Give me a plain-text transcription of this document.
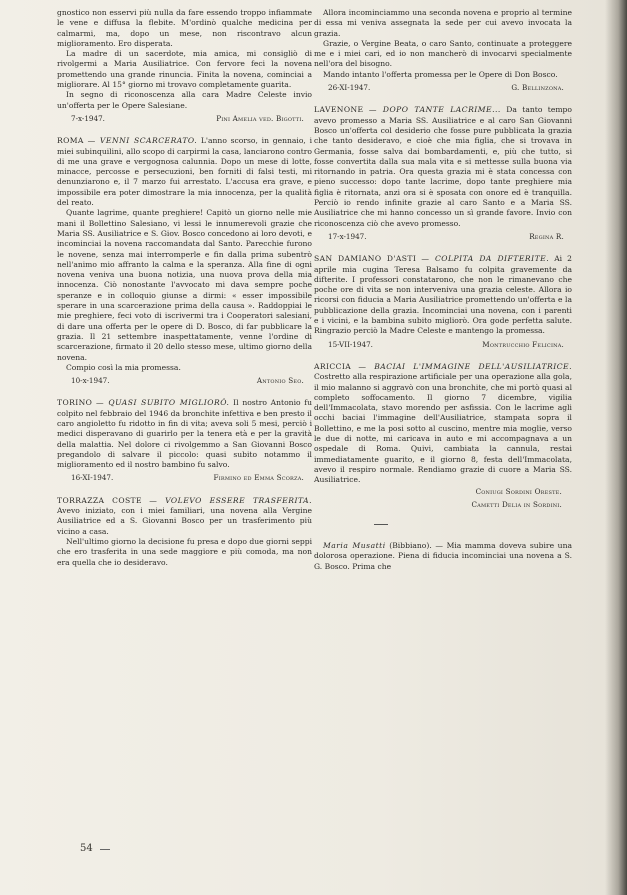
gnostico non esservi più nulla da fare essendo troppo infiammate le vene e diffusa la flebite. M'ordinò qualche medicina per calmarmi, ma, dopo un mese, non riscontravo alcun miglioramento. Ero disperata.

La madre di un sacerdote, mia amica, mi consigliò di rivolgermi a Maria Ausiliatrice. Con fervore feci la novena promettendo una grande rinuncia. Finita la novena, cominciai a migliorare. Al 15° giorno mi trovavo completamente guarita.

In segno di riconoscenza alla cara Madre Celeste invio un'offerta per le Opere Salesiane.

7-x-1947.	Pini Amelia ved. Bigotti.

ROMA — VENNI SCARCERATO. L'anno scorso, in gennaio, i miei subinquilini, allo scopo di carpirmi la casa, lanciarono contro di me una grave e vergognosa calunnia. Dopo un mese di lotte, minacce, percosse e persecuzioni, ben forniti di falsi testi, mi denunziarono e, il 7 marzo fui arrestato. L'accusa era grave, e impossibile era poter dimostrare la mia innocenza, per la qualità del reato.

Quante lagrime, quante preghiere! Capitò un giorno nelle mie mani il Bollettino Salesiano, vi lessi le innumerevoli grazie che Maria SS. Ausiliatrice e S. Giov. Bosco concedono ai loro devoti, e incominciai la novena raccomandata dal Santo. Parecchie furono le novene, senza mai interromperle e fin dalla prima subentrò nell'animo mio affranto la calma e la speranza. Alla fine di ogni novena veniva una buona notizia, una nuova prova della mia innocenza. Ciò nonostante l'avvocato mi dava sempre poche speranze e in colloquio giunse a dirmi: « esser impossibile sperare in una scarcerazione prima della causa ». Raddoppiai le mie preghiere, feci voto di iscrivermi tra i Cooperatori salesiani, di dare una offerta per le opere di D. Bosco, di far pubblicare la grazia. Il 21 settembre inaspettatamente, venne l'ordine di scarcerazione, firmato il 20 dello stesso mese, ultimo giorno della novena.

Compio così la mia promessa.

10-x-1947.	Antonio Seo.

TORINO — QUASI SUBITO MIGLIORÒ. Il nostro Antonio fu colpito nel febbraio del 1946 da bronchite infettiva e ben presto il caro angioletto fu ridotto in fin di vita; aveva soli 5 mesi, perciò i medici disperavano di guarirlo per la tenera età e per la gravità della malattia. Nel dolore ci rivolgemmo a San Giovanni Bosco pregandolo di salvare il piccolo: quasi subito notammo il miglioramento ed il nostro bambino fu salvo.

16-XI-1947.	Firmino ed Emma Scorza.

TORRAZZA COSTE — VOLEVO ESSERE TRASFERITA. Avevo iniziato, con i miei familiari, una novena alla Vergine Ausiliatrice ed a S. Giovanni Bosco per un trasferimento più vicino a casa.

Nell'ultimo giorno la decisione fu presa e dopo due giorni seppi che ero trasferita in una sede maggiore e più comoda, ma non era quella che io desideravo.

Allora incominciammo una seconda novena e proprio al termine di essa mi veniva assegnata la sede per cui avevo invocata la grazia.

Grazie, o Vergine Beata, o caro Santo, continuate a proteggere me e i miei cari, ed io non mancherò di invocarvi specialmente nell'ora del bisogno.

Mando intanto l'offerta promessa per le Opere di Don Bosco.

26-XI-1947.	G. Bellinzona.

LAVENONE — DOPO TANTE LACRIME... Da tanto tempo avevo promesso a Maria SS. Ausiliatrice e al caro San Giovanni Bosco un'offerta col desiderio che fosse pure pubblicata la grazia che tanto desideravo, e cioè che mia figlia, che si trovava in Germania, fosse salva dai bombardamenti, e, più che tutto, si fosse convertita dalla sua mala vita e si mettesse sulla buona via ritornando in patria. Ora questa grazia mi è stata concessa con pieno successo: dopo tante lacrime, dopo tante preghiere mia figlia è ritornata, anzi ora si è sposata con onore ed è tranquilla. Perciò io rendo infinite grazie al caro Santo e a Maria SS. Ausiliatrice che mi hanno concesso un sì grande favore. Invio con riconoscenza ciò che avevo promesso.

17-x-1947.	Regina R.

SAN DAMIANO D'ASTI — COLPITA DA DIFTERITE. Ai 2 aprile mia cugina Teresa Balsamo fu colpita gravemente da difterite. I professori constatarono, che non le rimanevano che poche ore di vita se non interveniva una grazia celeste. Allora io ricorsi con fiducia a Maria Ausiliatrice promettendo un'offerta e la pubblicazione della grazia. Incominciai una novena, con i parenti e i vicini, e la bambina subito migliorò. Ora gode perfetta salute. Ringrazio perciò la Madre Celeste e mantengo la promessa.

15-VII-1947.	Montrucchio Felicina.

ARICCIA — BACIAI L'IMMAGINE DELL'AUSILIATRICE. Costretto alla respirazione artificiale per una operazione alla gola, il mio malanno si aggravò con una bronchite, che mi portò quasi al completo soffocamento. Il giorno 7 dicembre, vigilia dell'Immacolata, stavo morendo per asfissia. Con le lacrime agli occhi baciai l'immagine dell'Ausiliatrice, stampata sopra il Bollettino, e me la posi sotto al cuscino, mentre mia moglie, verso le due di notte, mi caricava in auto e mi accompagnava a un ospedale di Roma. Quivi, cambiata la cannula, restai immediatamente guarito, e il giorno 8, festa dell'Immacolata, avevo il respiro normale. Rendiamo grazie di cuore a Maria SS. Ausiliatrice.

Coniugi Sordini Oreste.
Cametti Delia in Sordini.

Maria Musatti (Bibbiano). — Mia mamma doveva subire una dolorosa operazione. Piena di fiducia incominciai una novena a S. G. Bosco. Prima che

54
